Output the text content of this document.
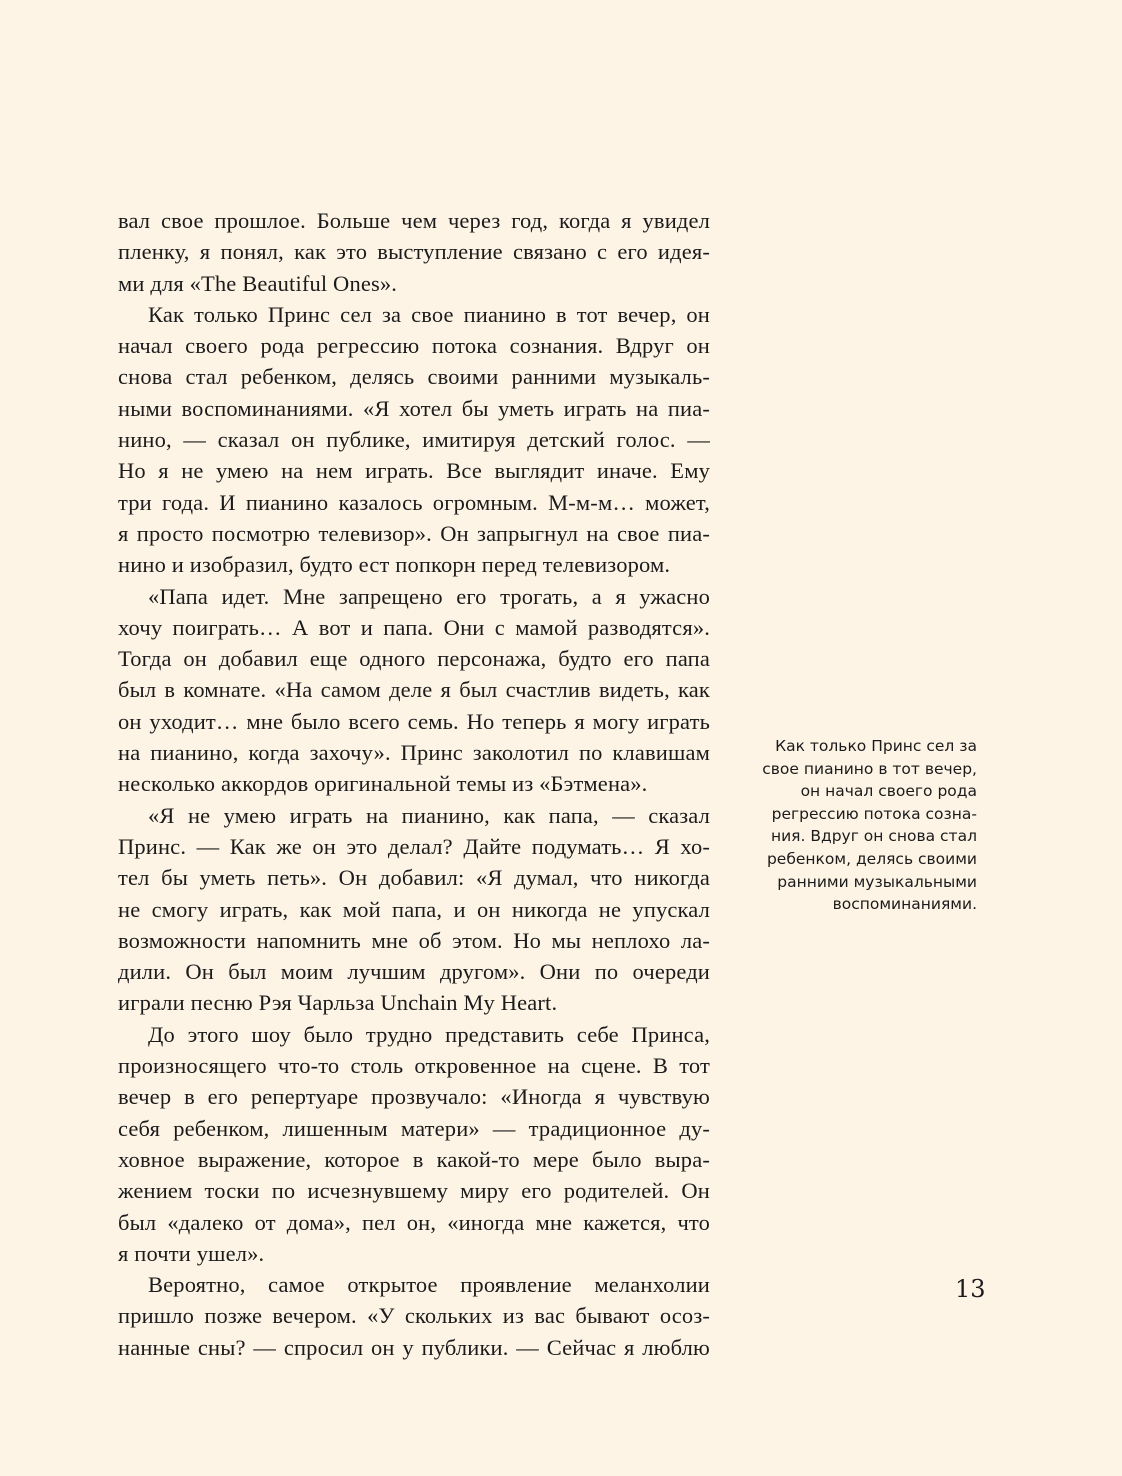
вал свое прошлое. Больше чем через год, когда я увидел
пленку, я понял, как это выступление связано с его идея-
ми для «The Beautiful Ones».
Как только Принс сел за свое пианино в тот вечер, он
начал своего рода регрессию потока сознания. Вдруг он
снова стал ребенком, делясь своими ранними музыкаль-
ными воспоминаниями. «Я хотел бы уметь играть на пиа-
нино, — сказал он публике, имитируя детский голос. —
Но я не умею на нем играть. Все выглядит иначе. Ему
три года. И пианино казалось огромным. М-м-м… может,
я просто посмотрю телевизор». Он запрыгнул на свое пиа-
нино и изобразил, будто ест попкорн перед телевизором.
«Папа идет. Мне запрещено его трогать, а я ужасно
хочу поиграть… А вот и папа. Они с мамой разводятся».
Тогда он добавил еще одного персонажа, будто его папа
был в комнате. «На самом деле я был счастлив видеть, как
он уходит… мне было всего семь. Но теперь я могу играть
на пианино, когда захочу». Принс заколотил по клавишам
несколько аккордов оригинальной темы из «Бэтмена».
«Я не умею играть на пианино, как папа, — сказал
Принс. — Как же он это делал? Дайте подумать… Я хо-
тел бы уметь петь». Он добавил: «Я думал, что никогда
не смогу играть, как мой папа, и он никогда не упускал
возможности напомнить мне об этом. Но мы неплохо ла-
дили. Он был моим лучшим другом». Они по очереди
играли песню Рэя Чарльза Unchain My Heart.
До этого шоу было трудно представить себе Принса,
произносящего что-то столь откровенное на сцене. В тот
вечер в его репертуаре прозвучало: «Иногда я чувствую
себя ребенком, лишенным матери» — традиционное ду-
ховное выражение, которое в какой-то мере было выра-
жением тоски по исчезнувшему миру его родителей. Он
был «далеко от дома», пел он, «иногда мне кажется, что
я почти ушел».
Вероятно, самое открытое проявление меланхолии
пришло позже вечером. «У скольких из вас бывают осоз-
нанные сны? — спросил он у публики. — Сейчас я люблю
Как только Принс сел за
свое пианино в тот вечер,
он начал своего рода
регрессию потока созна-
ния. Вдруг он снова стал
ребенком, делясь своими
ранними музыкальными
воспоминаниями.
13
